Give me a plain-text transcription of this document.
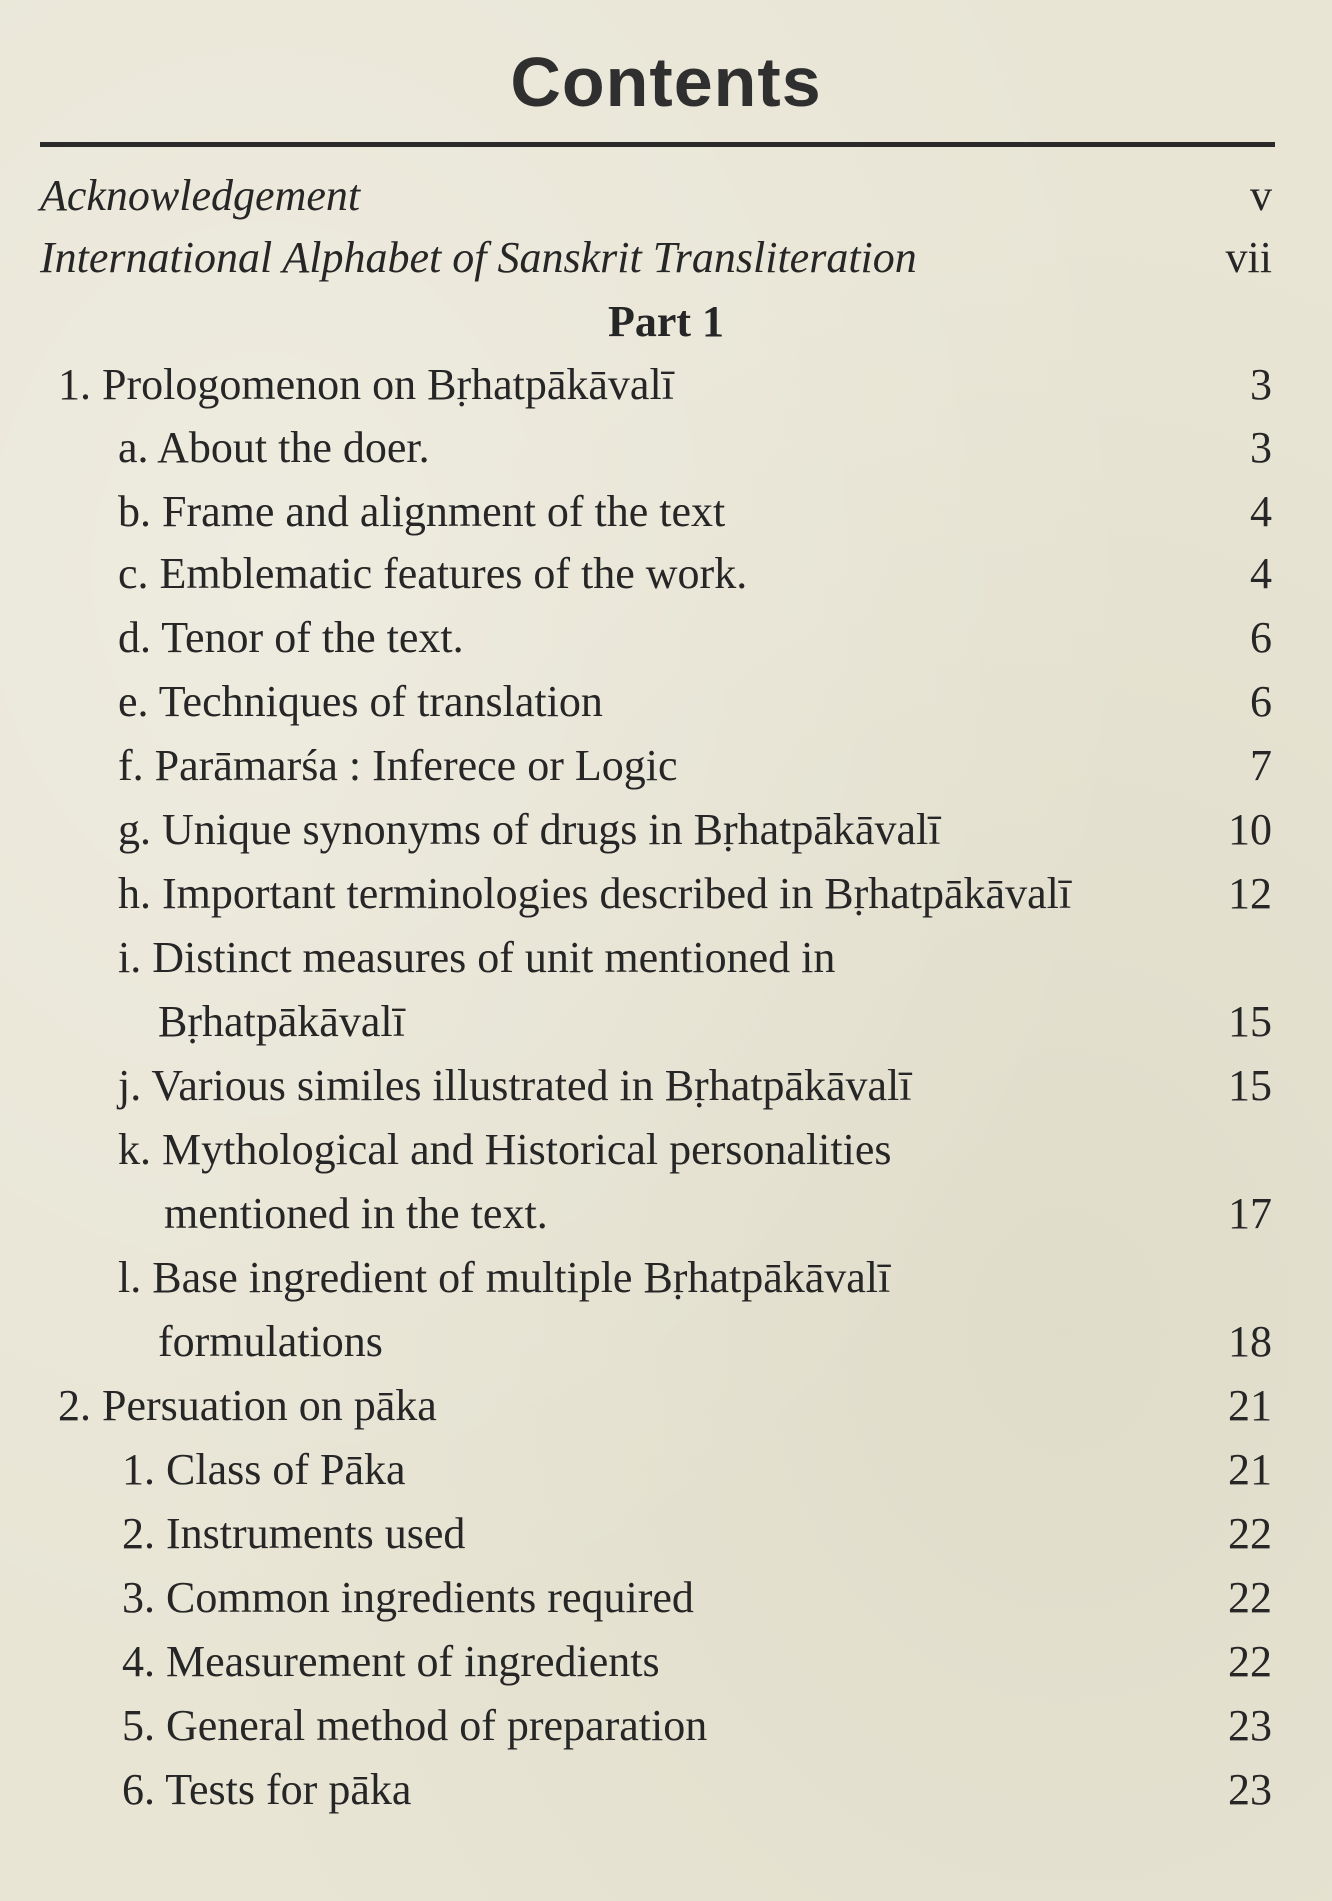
Contents
Acknowledgement	v
International Alphabet of Sanskrit Transliteration	vii
Part 1
1. Prologomenon on Bṛhatpākāvalī	3
a. About the doer.	3
b. Frame and alignment of the text	4
c. Emblematic features of the work.	4
d. Tenor of the text.	6
e. Techniques of translation	6
f. Parāmarśa : Inferece or Logic	7
g. Unique synonyms of drugs in Bṛhatpākāvalī	10
h. Important terminologies described in Bṛhatpākāvalī	12
i. Distinct measures of unit mentioned in
Bṛhatpākāvalī	15
j. Various similes illustrated in Bṛhatpākāvalī	15
k. Mythological and Historical personalities
mentioned in the text.	17
l. Base ingredient of multiple Bṛhatpākāvalī
formulations	18
2. Persuation on pāka	21
1. Class of Pāka	21
2. Instruments used	22
3. Common ingredients required	22
4. Measurement of ingredients	22
5. General method of preparation	23
6. Tests for pāka	23
